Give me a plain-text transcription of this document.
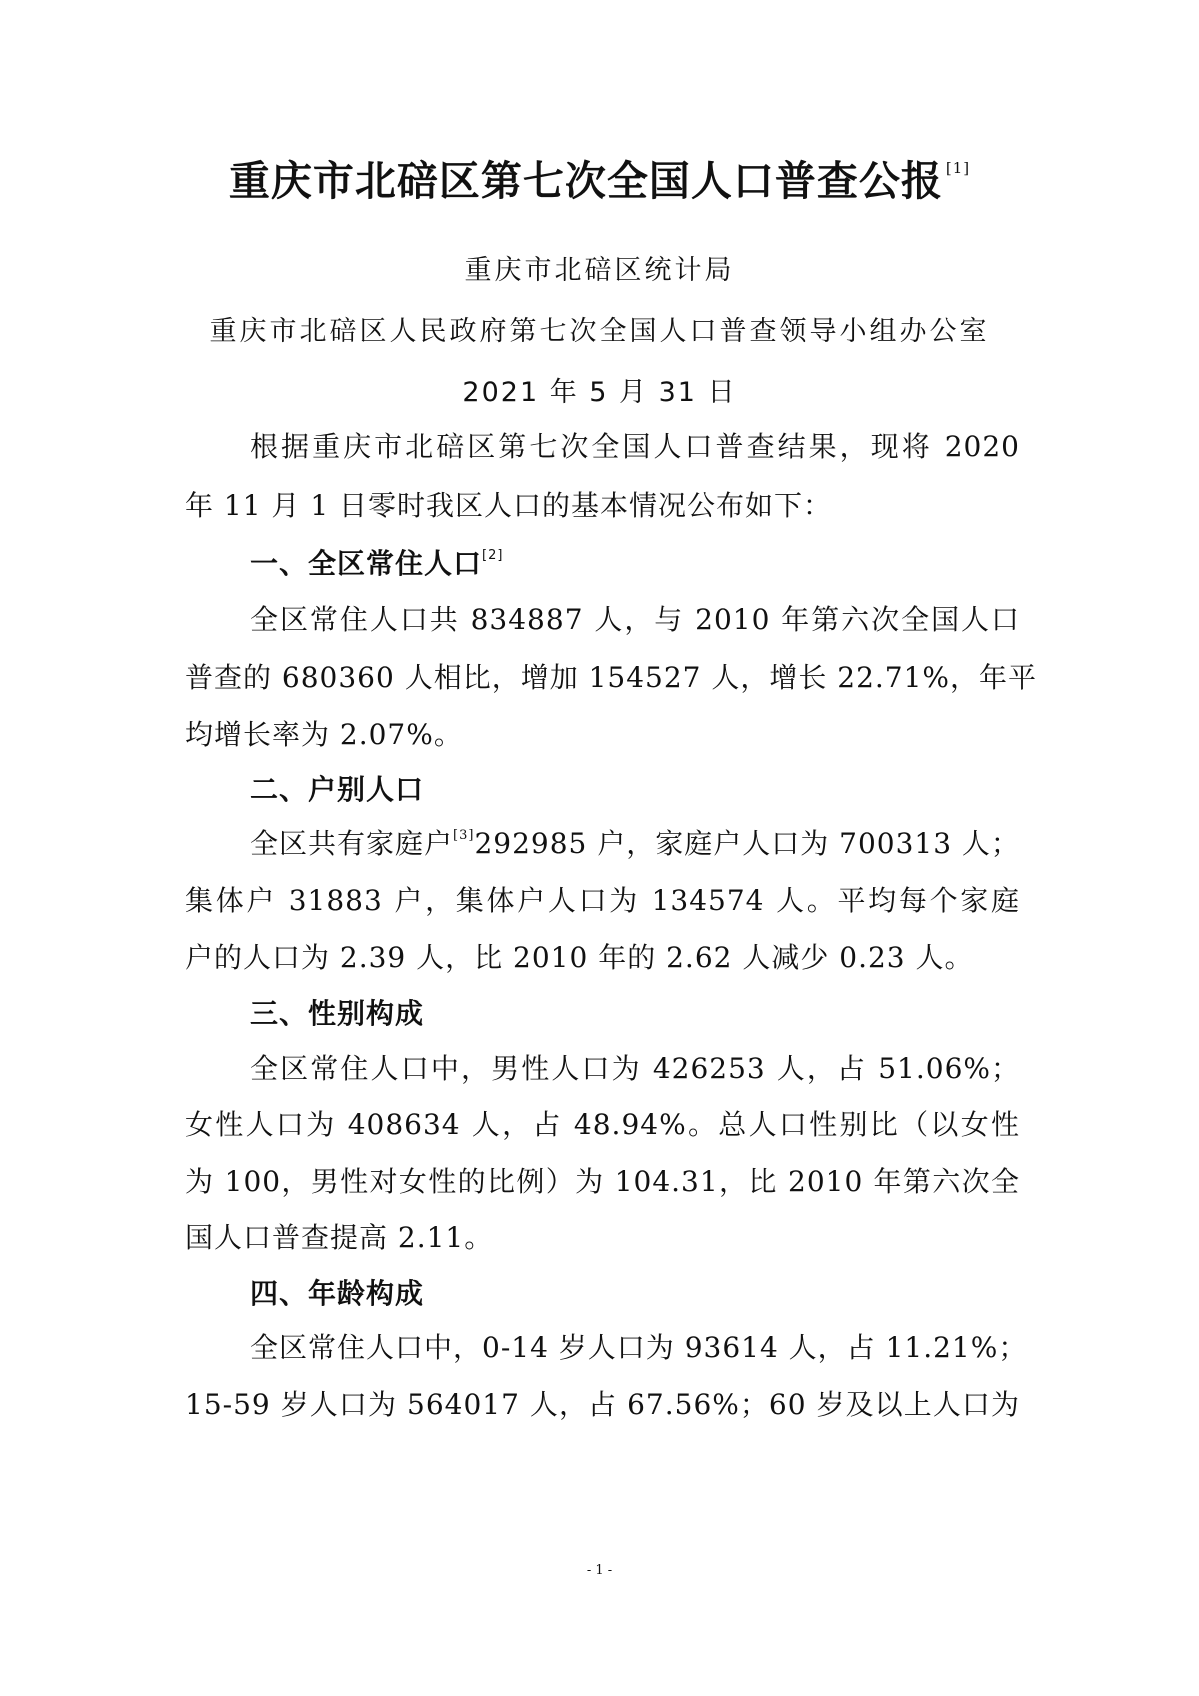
重庆市北碚区第七次全国人口普查公报 [1]
重庆市北碚区统计局
重庆市北碚区人民政府第七次全国人口普查领导小组办公室
2021 年 5 月 31 日
根据重庆市北碚区第七次全国人口普查结果，现将 2020
年 11 月 1 日零时我区人口的基本情况公布如下：
一、全区常住人口[2]
全区常住人口共 834887 人，与 2010 年第六次全国人口
普查的 680360 人相比，增加 154527 人，增长 22.71%，年平
均增长率为 2.07%。
二、户别人口
全区共有家庭户[3]292985 户，家庭户人口为 700313 人；
集体户 31883 户，集体户人口为 134574 人。平均每个家庭
户的人口为 2.39 人，比 2010 年的 2.62 人减少 0.23 人。
三、性别构成
全区常住人口中，男性人口为 426253 人，占 51.06%；
女性人口为 408634 人，占 48.94%。总人口性别比（以女性
为 100，男性对女性的比例）为 104.31，比 2010 年第六次全
国人口普查提高 2.11。
四、年龄构成
全区常住人口中，0-14 岁人口为 93614 人，占 11.21%；
15-59 岁人口为 564017 人，占 67.56%；60 岁及以上人口为
- 1 -
